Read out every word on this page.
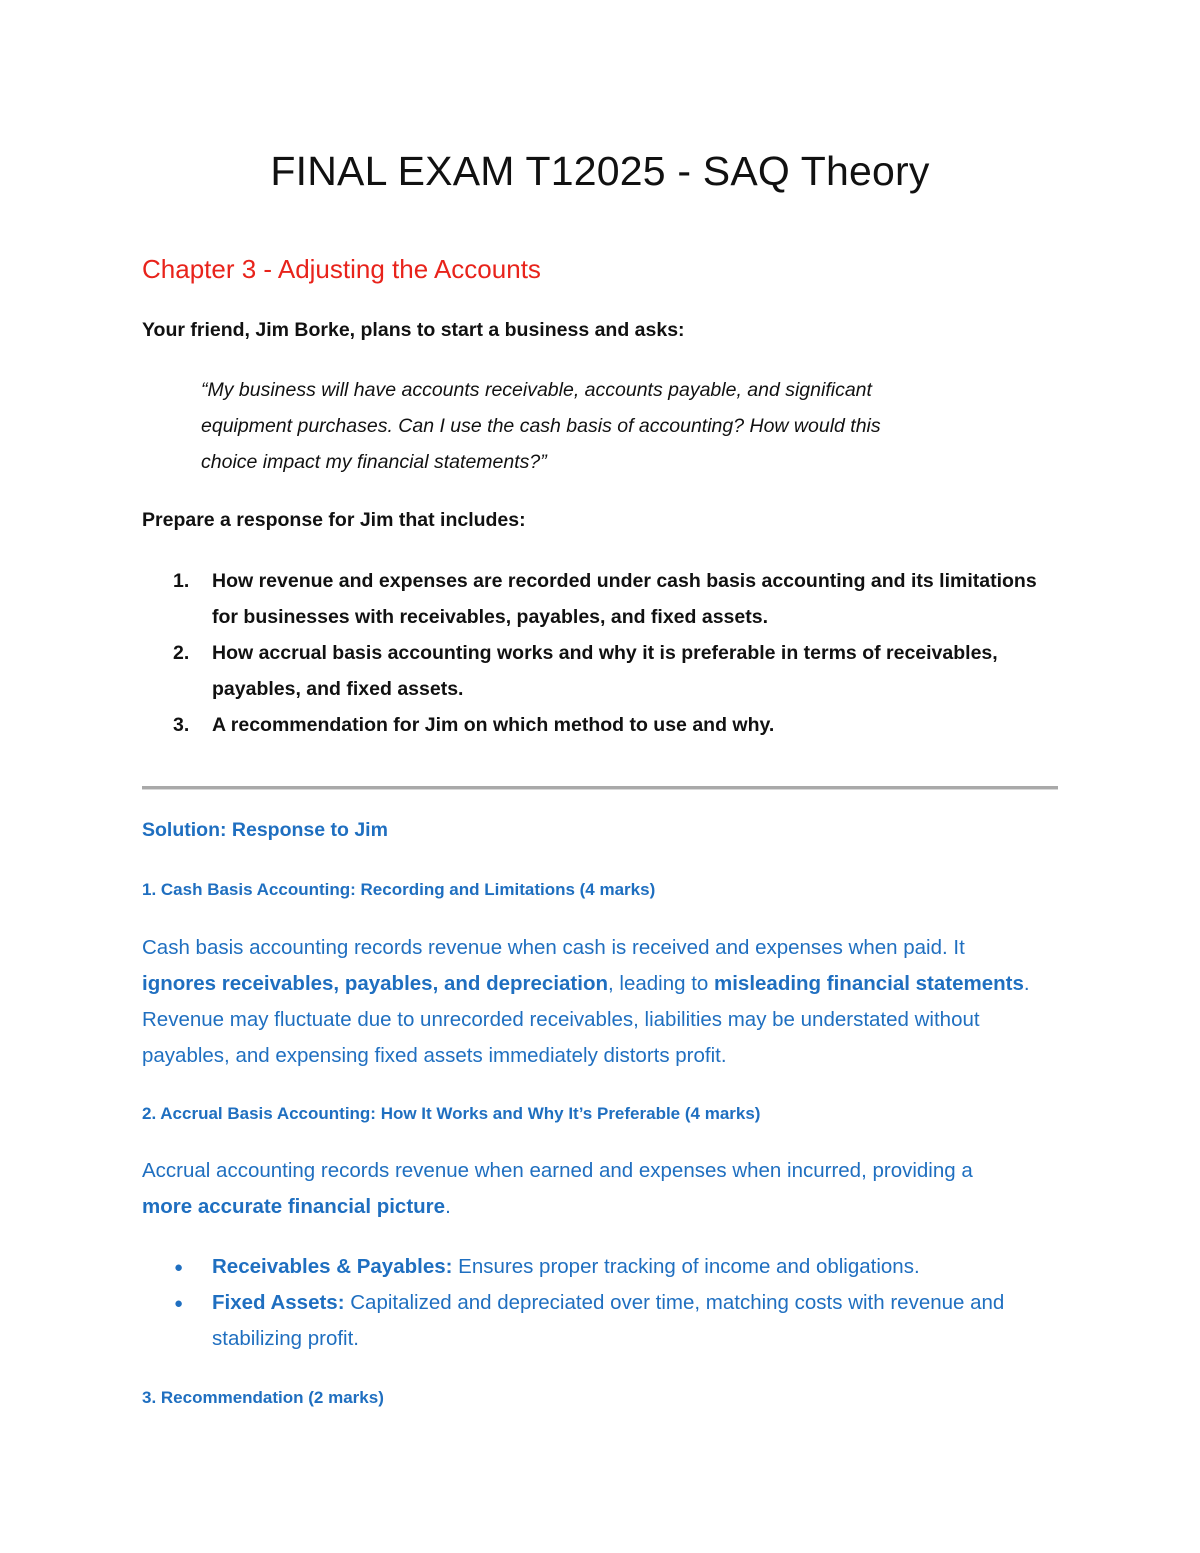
FINAL EXAM T12025 - SAQ Theory
Chapter 3 - Adjusting the Accounts
Your friend, Jim Borke, plans to start a business and asks:
“My business will have accounts receivable, accounts payable, and significant
equipment purchases. Can I use the cash basis of accounting? How would this
choice impact my financial statements?”
Prepare a response for Jim that includes:
1. How revenue and expenses are recorded under cash basis accounting and its limitations
for businesses with receivables, payables, and fixed assets.
2. How accrual basis accounting works and why it is preferable in terms of receivables,
payables, and fixed assets.
3. A recommendation for Jim on which method to use and why.
Solution: Response to Jim
1. Cash Basis Accounting: Recording and Limitations (4 marks)
Cash basis accounting records revenue when cash is received and expenses when paid. It
ignores receivables, payables, and depreciation, leading to misleading financial statements.
Revenue may fluctuate due to unrecorded receivables, liabilities may be understated without
payables, and expensing fixed assets immediately distorts profit.
2. Accrual Basis Accounting: How It Works and Why It’s Preferable (4 marks)
Accrual accounting records revenue when earned and expenses when incurred, providing a
more accurate financial picture.
● Receivables & Payables: Ensures proper tracking of income and obligations.
● Fixed Assets: Capitalized and depreciated over time, matching costs with revenue and
stabilizing profit.
3. Recommendation (2 marks)
